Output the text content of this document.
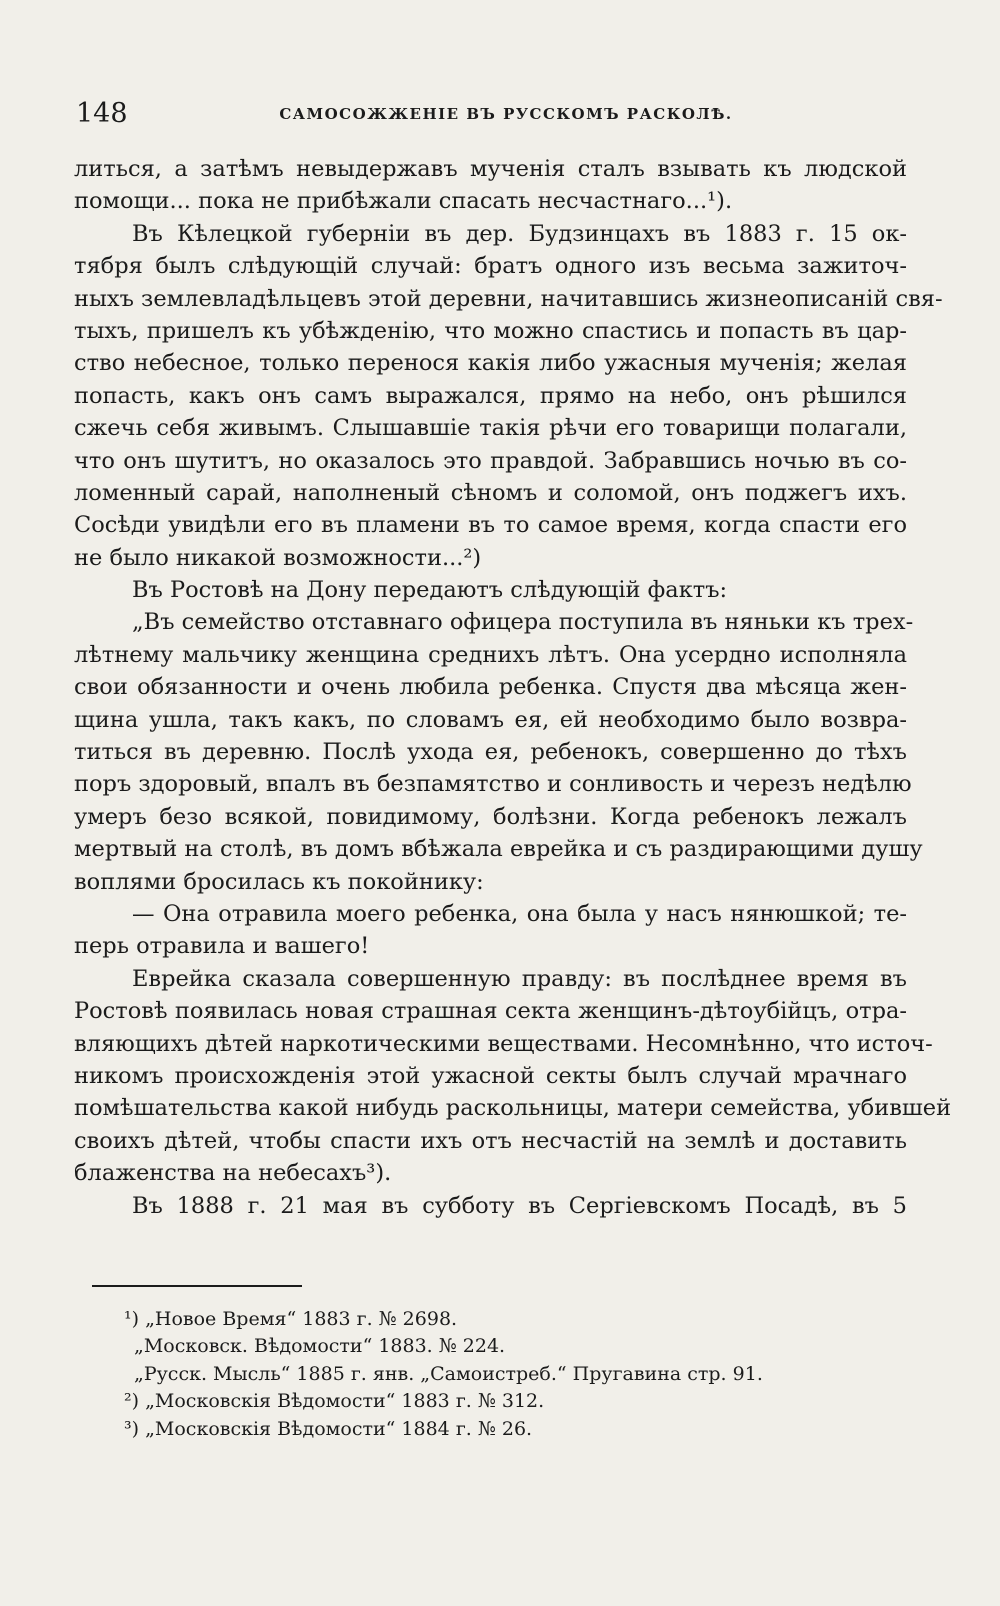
148	САМОСОЖЖЕНІЕ ВЪ РУССКОМЪ РАСКОЛѢ.
литься, а затѣмъ невыдержавъ мученія сталъ взывать къ людской
помощи... пока не прибѣжали спасать несчастнаго...¹).
Въ Кѣлецкой губерніи въ дер. Будзинцахъ въ 1883 г. 15 ок-
тября былъ слѣдующій случай: братъ одного изъ весьма зажиточ-
ныхъ землевладѣльцевъ этой деревни, начитавшись жизнеописаній свя-
тыхъ, пришелъ къ убѣжденію, что можно спастись и попасть въ цар-
ство небесное, только перенося какія либо ужасныя мученія; желая
попасть, какъ онъ самъ выражался, прямо на небо, онъ рѣшился
сжечь себя живымъ. Слышавшіе такія рѣчи его товарищи полагали,
что онъ шутитъ, но оказалось это правдой. Забравшись ночью въ со-
ломенный сарай, наполненый сѣномъ и соломой, онъ поджегъ ихъ.
Сосѣди увидѣли его въ пламени въ то самое время, когда спасти его
не было никакой возможности...²)
Въ Ростовѣ на Дону передаютъ слѣдующій фактъ:
„Въ семейство отставнаго офицера поступила въ няньки къ трех-
лѣтнему мальчику женщина среднихъ лѣтъ. Она усердно исполняла
свои обязанности и очень любила ребенка. Спустя два мѣсяца жен-
щина ушла, такъ какъ, по словамъ ея, ей необходимо было возвра-
титься въ деревню. Послѣ ухода ея, ребенокъ, совершенно до тѣхъ
поръ здоровый, впалъ въ безпамятство и сонливость и черезъ недѣлю
умеръ безо всякой, повидимому, болѣзни. Когда ребенокъ лежалъ
мертвый на столѣ, въ домъ вбѣжала еврейка и съ раздирающими душу
воплями бросилась къ покойнику:
— Она отравила моего ребенка, она была у насъ нянюшкой; те-
перь отравила и вашего!
Еврейка сказала совершенную правду: въ послѣднее время въ
Ростовѣ появилась новая страшная секта женщинъ-дѣтоубійцъ, отра-
вляющихъ дѣтей наркотическими веществами. Несомнѣнно, что источ-
никомъ происхожденія этой ужасной секты былъ случай мрачнаго
помѣшательства какой нибудь раскольницы, матери семейства, убившей
своихъ дѣтей, чтобы спасти ихъ отъ несчастій на землѣ и доставить
блаженства на небесахъ³).
Въ 1888 г. 21 мая въ субботу въ Сергіевскомъ Посадѣ, въ 5
¹) „Новое Время“ 1883 г. № 2698.
„Московск. Вѣдомости“ 1883. № 224.
„Русск. Мысль“ 1885 г. янв. „Самоистреб.“ Пругавина стр. 91.
²) „Московскія Вѣдомости“ 1883 г. № 312.
³) „Московскія Вѣдомости“ 1884 г. № 26.
